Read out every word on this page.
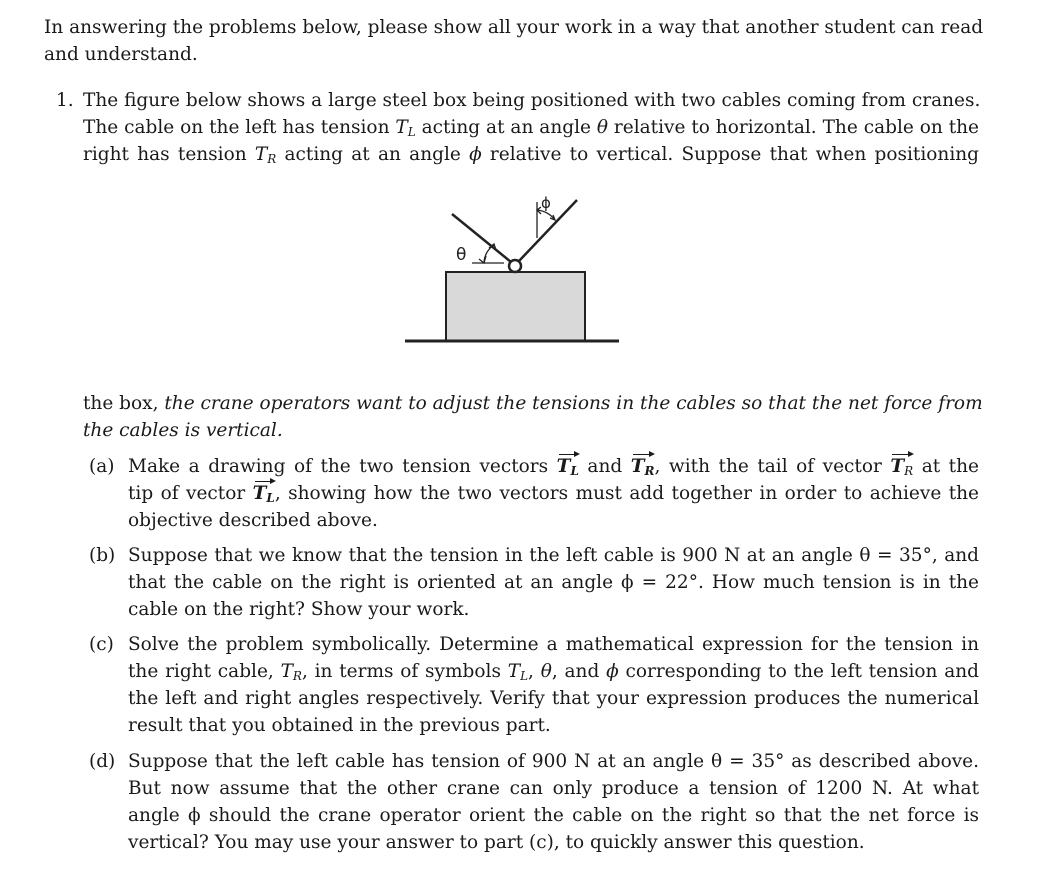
In answering the problems below, please show all your work in a way that another student can read
and understand.
1. The figure below shows a large steel box being positioned with two cables coming from cranes.
The cable on the left has tension $T_L$ acting at an angle θ relative to horizontal. The cable on the
right has tension $T_R$ acting at an angle ϕ relative to vertical. Suppose that when positioning
θ
ϕ
the box, the crane operators want to adjust the tensions in the cables so that the net force from
the cables is vertical.
(a) Make a drawing of the two tension vectors $T_L$ and $T_R$, with the tail of vector $T_R$ at the
tip of vector $T_L$, showing how the two vectors must add together in order to achieve the
objective described above.
(b) Suppose that we know that the tension in the left cable is 900 N at an angle θ = 35°, and
that the cable on the right is oriented at an angle ϕ = 22°. How much tension is in the
cable on the right? Show your work.
(c) Solve the problem symbolically. Determine a mathematical expression for the tension in
the right cable, $T_R$, in terms of symbols $T_L$, θ, and ϕ corresponding to the left tension and
the left and right angles respectively. Verify that your expression produces the numerical
result that you obtained in the previous part.
(d) Suppose that the left cable has tension of 900 N at an angle θ = 35° as described above.
But now assume that the other crane can only produce a tension of 1200 N. At what
angle ϕ should the crane operator orient the cable on the right so that the net force is
vertical? You may use your answer to part (c), to quickly answer this question.
